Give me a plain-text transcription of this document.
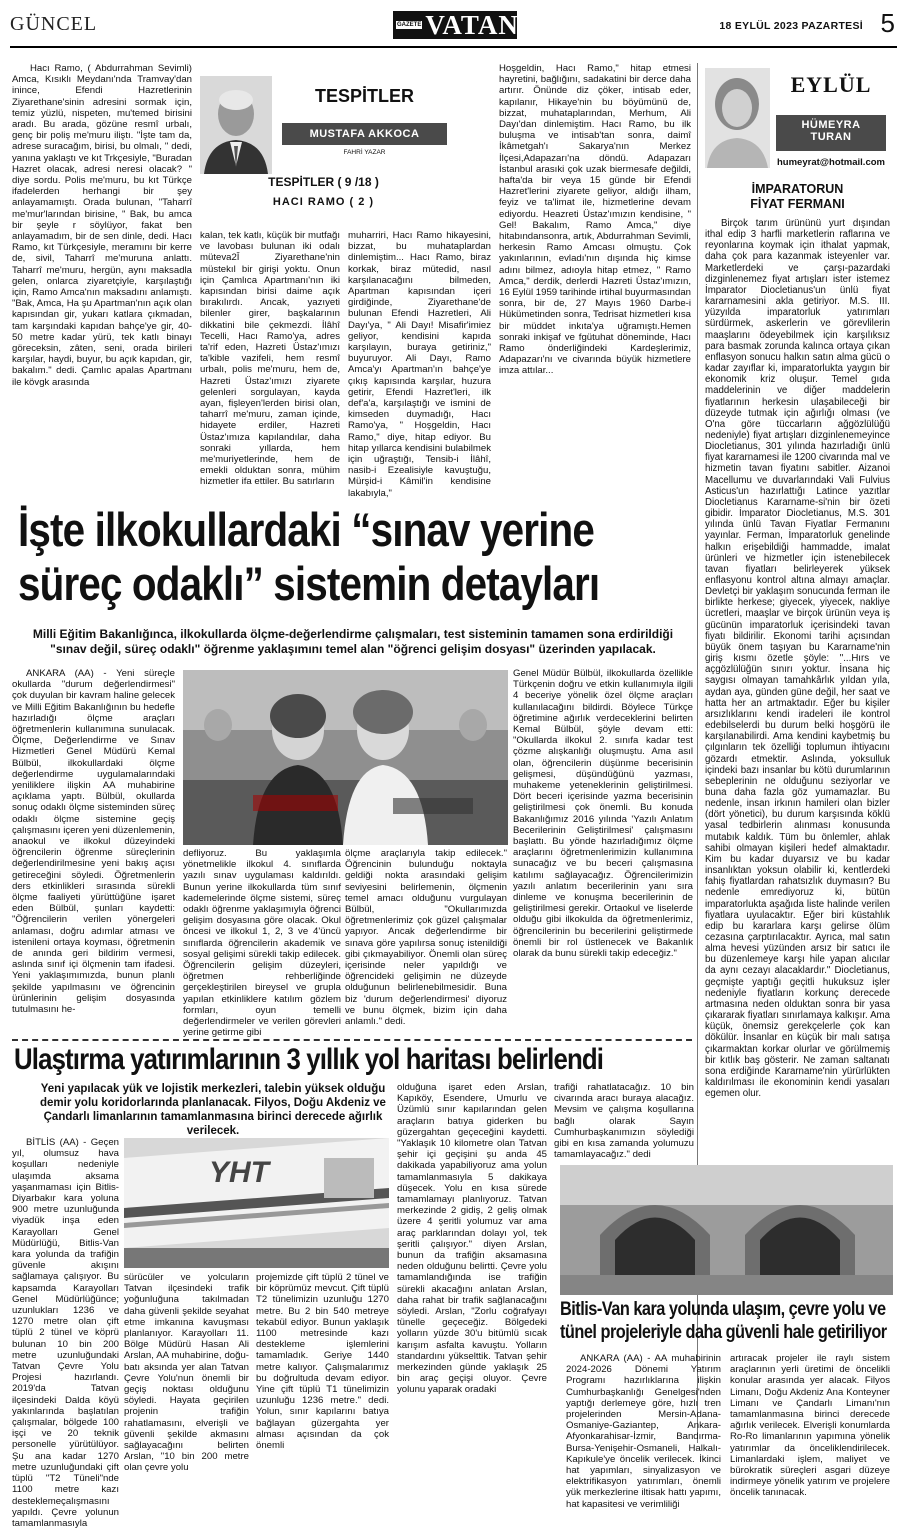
GÜNCEL	GAZETE VATAN	18 EYLÜL 2023 PAZARTESİ 5
Hacı Ramo, ( Abdurrahman Sevimli) Amca, Kısıklı Meydanı'nda Tramvay'dan inince, Efendi Hazretlerinin Ziyarethane'sinin adresini sormak için, temiz yüzlü, nispeten, mu'temed birisini aradı. Bu arada, gözüne resmî urbalı, genç bir poliş me'muru iliştı. "İşte tam da, adrese suracağım, birisi, bu olmalı, " dedi, yanına yaklaştı ve kıt Trkçesiyle, "Buradan Hazret olacak, adresi neresi olacak? " diye sordu. Polis me'muru, bu kıt Türkçe ifadelerden herhangi bir şey anlayamamıştı. Orada bulunan, "Taharrî me'mur'larından birisine, " Bak, bu amca bir şeyle r söylüyor, fakat ben anlayamadım, bir de sen dinle, dedi. Hacı Ramo, kıt Türkçesiyle, meramını bir kerre de, sivil, Taharrî me'muruna anlattı. Taharrî me'muru, hergün, aynı maksadla gelen, onlarca ziyaretçiyle, karşılaştığı için, Ramo Amca'nın maksadını anlamıştı. "Bak, Amca, Ha şu Apartman'nın açık olan kapısından gir, yukarı katlara çıkmadan, tam karşındaki kapıdan bahçe'ye gir, 40-50 metre kadar yürü, tek katlı binayı göreceksin, zâten, seni, orada birileri karşılar, haydi, buyur, bu açık kapıdan, gir, bakalım." dedi. Çamlıc apalas Apartmanı ile kövgk arasında
TESPİTLER
MUSTAFA AKKOCA
FAHRİ YAZAR
TESPİTLER ( 9 /18 )
HACI RAMO ( 2 )
kalan, tek katlı, küçük bir mutfağı ve lavobası bulunan iki odalı müteva2Î Ziyarethane'nin müstekıl bir girişi yoktu. Onun için Çamlıca Apartmanı'nın iki kapısından birisi daime açık bırakılırdı. Ancak, yazıyeti bilenler girer, başkalarının dikkatini bile çekmezdi. İlâhî Tecelli, Hacı Ramo'ya, adres ta'rif eden, Hazreti Üstaz'ımızı ta'kible vazifeli, hem resmî urbalı, polis me'muru, hem de, Hazreti Üstaz'ımızı ziyarete gelenleri sorgulayan, kayda ayan, fişleyen'lerden birisi olan, taharrî me'muru, zaman içinde, hidayete erdiler, Hazreti Üstaz'ımıza kapılandılar, daha sonraki yıllarda, hem me'muriyetlerinde, hem de emekli olduktan sonra, mühim hizmetler ifa ettiler. Bu satırların
muharriri, Hacı Ramo hikayesini, bizzat, bu muhataplardan dinlemiştim... Hacı Ramo, biraz korkak, biraz mütedid, nasıl karşılanacağını bilmeden, Apartman kapısından içeri girdiğinde, Ziyarethane'de bulunan Efendi Hazretleri, Ali Dayı'ya, " Ali Dayı! Misafir'imiez geliyor, kendisini kapıda karşılayın, buraya getiriniz," buyuruyor. Ali Dayı, Ramo Amca'yı Apartman'ın bahçe'ye çıkış kapısında karşılar, huzura getirir, Efendi Hazret'leri, ilk def'a'a, karşılaştığı ve ismini de kimseden duymadığı, Hacı Ramo'ya, " Hoşgeldin, Hacı Ramo," diye, hitap ediyor. Bu hitap yıllarca kendisini bulabilmek için uğraştığı, Tensib-i İlâhî, nasib-i Ezealisiyle kavuştuğu, Mürşid-i Kâmil'in kendisine lakabıyla,"
Hoşgeldin, Hacı Ramo," hitap etmesi hayretini, bağlığını, sadakatini bir derce daha artırır. Önünde diz çöker, intisab eder, kapılanır, Hikaye'nin bu böyümünü de, bizzat, muhataplarından, Merhum, Ali Dayı'dan dinlemiştim. Hacı Ramo, bu ilk buluşma ve intisab'tan sonra, daimî İkâmetgah'ı Sakarya'nın Merkez İlçesi,Adapazarı'na döndü. Adapazarı İstanbul arasıki çok uzak biermesafe değildi, hafta'da bir veya 15 günde bir Efendi Hazret'lerini ziyarete geliyor, aldığı ilham, feyiz ve ta'limat ile, hizmetlerine devam ediyordu. Heazreti Üstaz'ımızın kendisine, " Gel! Bakalım, Ramo Amca," diye hitabındansonra, artık, Abdurrahman Sevimli, herkesin Ramo Amcası olmuştu. Çok yakınlarının, evladı'nın dışında hiç kimse adını bilmez, adıoyla hitap etmez, " Ramo Amca," derdik, derlerdi Hazreti Üstaz'ımızın, 16 Eylül 1959 tarihinde irtihal buyurmasından sonra, bir de, 27 Mayıs 1960 Darbe-i Hükümetinden sonra, Tedrisat hizmetleri kısa bir müddet inkıta'ya uğramıştı.Hemen sonraki inkişaf ve fgütuhat döneminde, Hacı Ramo önderliğindeki Kardeşlerimiz, Adapazarı'nı ve civarında büyük hizmetlere imza attılar...
EYLÜL
HÜMEYRA
TURAN
humeyrat@hotmail.com
İMPARATORUN
FİYAT FERMANI
Birçok tarım ürününü yurt dışından ithal edip 3 harfli marketlerin raflarına ve reyonlarına koymak için ithalat yapmak, daha çok para kazanmak isteyenler var. Marketlerdeki ve çarşı-pazardaki dizginlenemez fiyat artışları ister istemez İmparator Diocletianus'un ünlü fiyat kararnamesini akla getiriyor. M.S. III. yüzyılda imparatorluk yatırımları sürdürmek, askerlerin ve görevlilerin maaşlarını ödeyebilmek için karşılıksız para basmak zorunda kalınca ortaya çıkan enflasyon sonucu halkın satın alma gücü o kadar zayıflar ki, imparatorlukta yaygın bir ekonomik kriz oluşur. Temel gıda maddelerinin ve diğer maddelerin fiyatlarının herkesin ulaşabileceği bir düzeyde tutmak için ağırlığı olması (ve O'na göre tüccarların ağgözlülüğü nedeniyle) fiyat artışları dizginlenemeyince Diocletianus, 301 yılında hazırladığı ünlü fiyat kararnamesi ile 1200 civarında mal ve hizmetin tavan fiyatını sabitler. Aizanoi Macellumu ve duvarlarındaki Vali Fulvius Asticus'un hazırlattığı Latince yazıtlar Diocletianus Kararname-si'nin bir özeti gibidir. İmparator Diocletianus, M.S. 301 yılında ünlü Tavan Fiyatlar Fermanını yayınlar. Ferman, İmparatorluk genelinde halkın erişebildiği hammadde, imalat ürünleri ve hizmetler için istenebilecek tavan fiyatları belirleyerek yüksek enflasyonu kontrol altına almayı amaçlar. Devletçi bir yaklaşım sonucunda ferman ile birlikte herkese; giyecek, yiyecek, nakliye ücretleri, maaşlar ve birçok ürünün veya iş gücünün imparatorluk içerisindeki tavan fiyatı bildirilir. Ekonomi tarihi açısından büyük önem taşıyan bu Kararname'nin giriş kısmı özetle şöyle: "...Hırs ve açgözlülüğün sınırı yoktur. İnsana hiç saygısı olmayan tamahkârlık yıldan yıla, aydan aya, günden güne değil, her saat ve hatta her an artmaktadır. Eğer bu kişiler arsızlıklarını kendi iradeleri ile kontrol edebilselerdi bu durum belki hoşgörü ile karşılanabilirdi. Ama kendini kaybetmiş bu çılgınların tek özelliği toplumun ihtiyacını gözardı etmektir. Aslında, yoksulluk içindeki bazı insanlar bu kötü durumlarının sebeplerinin ne olduğunu seziyorlar ve buna daha fazla göz yumamazlar. Bu nedenle, insan irkının hamileri olan bizler (dört yönetici), bu durum karşısında köklü yasal tedbirlerin alınması konusunda mutabık kaldık. Tüm bu önlemler, ahlak sahibi olmayan kişileri hedef almaktadır. Kim bu kadar duyarsız ve bu kadar insanlıktan yoksun olabilir ki, kentlerdeki fahiş fiyatlardan rahatsızlık duymasın? Bu nedenle emrediyoruz ki, bütün imparatorlukta aşağıda liste halinde verilen fiyatlara uyulacaktır. Eğer biri küstahlık edip bu kararlara karşı gelirse ölüm cezasına çarptırılacaktır. Ayrıca, mal satın alma hevesi yüzünden arsız bir satıcı ile bu düzenlemeye karşı hile yapan alıcılar da aynı cezayı alacaklardır." Diocletianus, geçmişte yaptığı geçitli hukuksuz işler nedeniyle fiyatların korkunç derecede artmasına neden olduktan sonra bir yasa çıkararak fiyatları sınırlamaya kalkışır. Ama küçük, önemsiz gerekçelerle çok kan dökülür. İnsanlar en küçük bir malı satışa çıkarmaktan korkar olurlar ve görülmemiş bir kıtlık baş gösterir. Ne zaman saltanatı sona erdiğinde Kararname'nin yürürlükten kaldırılması ile ekonominin kendi yasaları egemen olur.
İşte ilkokullardaki “sınav yerine
süreç odaklı” sistemin detayları
Milli Eğitim Bakanlığınca, ilkokullarda ölçme-değerlendirme çalışmaları, test sisteminin tamamen sona erdirildiği "sınav değil, süreç odaklı" öğrenme yaklaşımını temel alan "öğrenci gelişim dosyası" üzerinden yapılacak.
ANKARA (AA) - Yeni süreçle okullarda "durum değerlendirmesi" çok duyulan bir kavram haline gelecek ve Milli Eğitim Bakanlığının bu hedefle hazırladığı ölçme araçları öğretmenlerin kullanımına sunulacak. Ölçme, Değerlendirme ve Sınav Hizmetleri Genel Müdürü Kemal Bülbül, ilkokullardaki ölçme değerlendirme uygulamalarındaki yeniliklere ilişkin AA muhabirine açıklama yaptı. Bülbül, okullarda sonuç odaklı ölçme sisteminden süreç odaklı ölçme sistemine geçiş çalışmasını içeren yeni düzenlemenin, anaokul ve ilkokul düzeyindeki öğrencilerin öğrenme süreçlerinin değerlendirilmesine yeni bakış açısı getireceğini söyledi. Öğretmenlerin ders etkinlikleri sırasında sürekli ölçme faaliyeti yürüttüğüne işaret eden Bülbül, şunları kaydetti: "Öğrencilerin verilen yönergeleri anlaması, doğru adımlar atması ve istenileni ortaya koyması, öğretmenin de anında geri bildirim vermesi, aslında sınıf içi ölçmenin tam ifadesi. Yeni yaklaşımımızda, bunun planlı şekilde yapılmasını ve öğrencinin ürünlerinin gelişim dosyasında tutulmasını he-
defliyoruz. Bu yaklaşımla yönetmelikle ilkokul 4. sınıflarda yazılı sınav uygulaması kaldırıldı. Bunun yerine ilkokullarda tüm sınıf kademelerinde ölçme sistemi, süreç odaklı öğrenme yaklaşımıyla öğrenci gelişim dosyasına göre olacak. Okul öncesi ve ilkokul 1, 2, 3 ve 4'üncü sınıflarda öğrencilerin akademik ve sosyal gelişimi sürekli takip edilecek. Öğrencilerin gelişim düzeyleri, öğretmen rehberliğinde gerçekleştirilen bireysel ve grupla yapılan etkinliklere katılım gözlem formları, oyun temelli değerlendirmeler ve verilen görevleri yerine getirme gibi
ölçme araçlarıyla takip edilecek." Öğrencinin bulunduğu noktayla geldiği nokta arasındaki gelişim seviyesini belirlemenin, ölçmenin temel amacı olduğunu vurgulayan Bülbül, "Okullarımızda öğretmenlerimiz çok güzel çalışmalar yapıyor. Ancak değerlendirme bir sınava göre yapılırsa sonuç istenildiği gibi çıkmayabiliyor. Önemli olan süreç içerisinde neler yapıldığı ve öğrencideki gelişimin ne düzeyde olduğunun belirlenebilmesidir. Buna biz 'durum değerlendirmesi' diyoruz ve bunu ölçmek, bizim için daha anlamlı." dedi.
Genel Müdür Bülbül, ilkokullarda özellikle Türkçenin doğru ve etkin kullanımıyla ilgili 4 beceriye yönelik özel ölçme araçları kullanılacağını bildirdi. Böylece Türkçe öğretimine ağırlık verdeceklerini belirten Kemal Bülbül, şöyle devam etti: "Okullarda ilkokul 2. sınıfa kadar test çözme alışkanlığı oluşmuştu. Ama asıl olan, öğrencilerin düşünme becerisinin gelişmesi, düşündüğünü yazması, muhakeme yeteneklerinin geliştirilmesi. Dört beceri içerisinde yazma becerisinin geliştirilmesi çok önemli. Bu konuda Bakanlığımız 2016 yılında 'Yazılı Anlatım Becerilerinin Geliştirilmesi' çalışmasını başlattı. Bu yönde hazırladığımız ölçme araçlarını öğretmenlerimizin kullanımına sunacağız ve bu beceri çalışmasına katılımı sağlayacağız. Öğrencilerimizin yazılı anlatım becerilerinin yanı sıra dinleme ve konuşma becerilerinin de geliştirilmesi gerekir. Ortaokul ve liselerde olduğu gibi ilkokulda da öğretmenlerimiz, öğrencilerinin bu becerilerini geliştirmede önemli bir rol üstlenecek ve Bakanlık olarak da bunu sürekli takip edeceğiz."
Ulaştırma yatırımlarının 3 yıllık yol haritası belirlendi
Yeni yapılacak yük ve lojistik merkezleri, talebin yüksek olduğu demir yolu koridorlarında planlanacak. Filyos, Doğu Akdeniz ve Çandarlı limanlarının tamamlanmasına birinci derecede ağırlık verilecek.
BİTLİS (AA) - Geçen yıl, olumsuz hava koşulları nedeniyle ulaşımda aksama yaşanmaması için Bitlis-Diyarbakır kara yoluna 900 metre uzunluğunda viyadük inşa eden Karayolları Genel Müdürlüğü, Bitlis-Van kara yolunda da trafiğin güvenle akışını sağlamaya çalışıyor. Bu kapsamda Karayolları Genel Müdürlüğünce; uzunlukları 1236 ve 1270 metre olan çift tüplü 2 tünel ve köprü bulunan 10 bin 200 metre uzunluğundaki Tatvan Çevre Yolu Projesi hazırlandı. 2019'da Tatvan ilçesindeki Dalda köyü yakınlarında başlatılan çalışmalar, bölgede 100 işçi ve 20 teknik personelle yürütülüyor. Şu ana kadar 1270 metre uzunluğundaki çift tüplü "T2 Tüneli"nde 1100 metre kazı desteklemeçalışmasını yapıldı. Çevre yolunun tamamlanmasıyla
YHT
sürücüler ve yolcuların Tatvan ilçesindeki trafik yoğunluğuna takılmadan daha güvenli şekilde seyahat etme imkanına kavuşması planlanıyor. Karayolları 11. Bölge Müdürü Hasan Ali Arslan, AA muhabirine, doğu-batı aksında yer alan Tatvan Çevre Yolu'nun önemli bir geçiş noktası olduğunu söyledi. Hayata geçirilen projenin trafiğin rahatlamasını, elverişli ve güvenli şekilde akmasını sağlayacağını belirten Arslan, "10 bin 200 metre olan çevre yolu
projemizde çift tüplü 2 tünel ve bir köprümüz mevcut. Çift tüplü T2 tünelimizin uzunluğu 1270 metre. Bu 2 bin 540 metreye tekabül ediyor. Bunun yaklaşık 1100 metresinde kazı destekleme işlemlerini tamamladık. Geriye 1440 metre kalıyor. Çalışmalarımız bu doğrultuda devam ediyor. Yine çift tüplü T1 tünelimizin uzunluğu 1236 metre." dedi. Yolun, sınır kapılarını batıya bağlayan güzergahta yer alması açısından da çok önemli
olduğuna işaret eden Arslan, Kapıköy, Esendere, Umurlu ve Üzümlü sınır kapılarından gelen araçların batıya giderken bu güzergahtan geçeceğini kaydetti. "Yaklaşık 10 kilometre olan Tatvan şehir içi geçişini şu anda 45 dakikada yapabiliyoruz ama yolun tamamlanmasıyla 5 dakikaya düşecek. Yolu en kısa sürede tamamlamayı planlıyoruz. Tatvan merkezinde 2 gidiş, 2 geliş olmak üzere 4 şeritli yolumuz var ama araç parklarından dolayı yol, tek şeritli çalışıyor." diyen Arslan, bunun da trafiğin aksamasına neden olduğunu belirtti. Çevre yolu tamamlandığında ise trafiğin sürekli akacağını anlatan Arslan, daha rahat bir trafik sağlanacağını söyledi. Arslan, "Zorlu coğrafyayı tünelle geçeceğiz. Bölgedeki yolların yüzde 30'u bitümlü sıcak karışım asfalta kavuştu. Yolların standardını yükselttik. Tatvan şehir merkezinden günde yaklaşık 25 bin araç geçişi oluyor. Çevre yolunu yaparak oradaki
trafiği rahatlatacağız. 10 bin civarında aracı buraya alacağız. Mevsim ve çalışma koşullarına bağlı olarak Sayın Cumhurbaşkanımızın söylediği gibi en kısa zamanda yolumuzu tamamlayacağız." dedi
Bitlis-Van kara yolunda ulaşım, çevre yolu ve
tünel projeleriyle daha güvenli hale getiriliyor
ANKARA (AA) - AA muhabirinin 2024-2026 Dönemi Yatırım Programı hazırlıklarına ilişkin Cumhurbaşkanlığı Genelgesi'nden yaptığı derlemeye göre, hızlı tren projelerinden Mersin-Adana-Osmaniye-Gaziantep, Ankara-Afyonkarahisar-İzmir, Bandırma-Bursa-Yenişehir-Osmaneli, Halkalı- Kapıkule'ye öncelik verilecek. İkinci hat yapımları, sinyalizasyon ve elektrifikasyon yatırımları, önemli yük merkezlerine iltisak hattı yapımı, hat kapasitesi ve verimliliği
artıracak projeler ile raylı sistem araçlarının yerli üretimi de öncelikli konular arasında yer alacak. Filyos Limanı, Doğu Akdeniz Ana Konteyner Limanı ve Çandarlı Limanı'nın tamamlanmasına birinci derecede ağırlık verilecek. Elverişli konumlarda Ro-Ro limanlarının yapımına yönelik yatırımlar da önceliklendirilecek. Limanlardaki işlem, maliyet ve bürokratik süreçleri asgari düzeye indirmeye yönelik yatırım ve projelere öncelik tanınacak.
